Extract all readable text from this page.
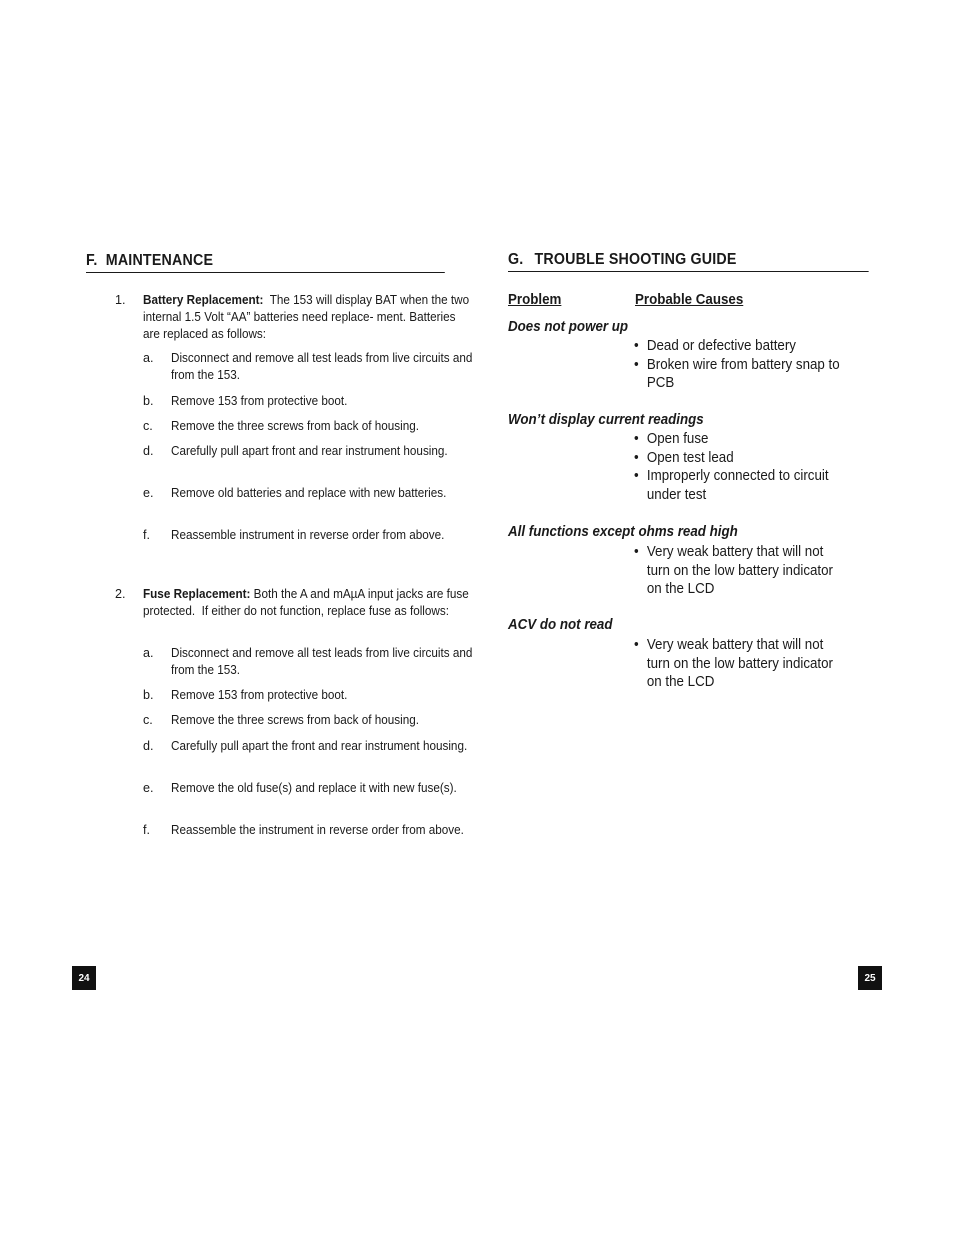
F. MAINTENANCE
1. Battery Replacement:  The 153 will display BAT when the two internal 1.5 Volt “AA” batteries need replace- ment. Batteries are replaced as follows:
a. Disconnect and remove all test leads from live circuits and from the 153.
b. Remove 153 from protective boot.
c. Remove the three screws from back of housing.
d. Carefully pull apart front and rear instrument housing.
e. Remove old batteries and replace with new batteries.
f. Reassemble instrument in reverse order from above.
2. Fuse Replacement: Both the A and mAµA input jacks are fuse protected.  If either do not function, replace fuse as follows:
a. Disconnect and remove all test leads from live circuits and from the 153.
b. Remove 153 from protective boot.
c. Remove the three screws from back of housing.
d. Carefully pull apart the front and rear instrument housing.
e. Remove the old fuse(s) and replace it with new fuse(s).
f. Reassemble the instrument in reverse order from above.
G. TROUBLE SHOOTING GUIDE
Problem	Probable Causes
Does not power up
• Dead or defective battery
• Broken wire from battery snap to PCB
Won’t display current readings
• Open fuse
• Open test lead
• Improperly connected to circuit under test
All functions except ohms read high
• Very weak battery that will not turn on the low battery indicator on the LCD
ACV do not read
• Very weak battery that will not turn on the low battery indicator on the LCD
24	25
